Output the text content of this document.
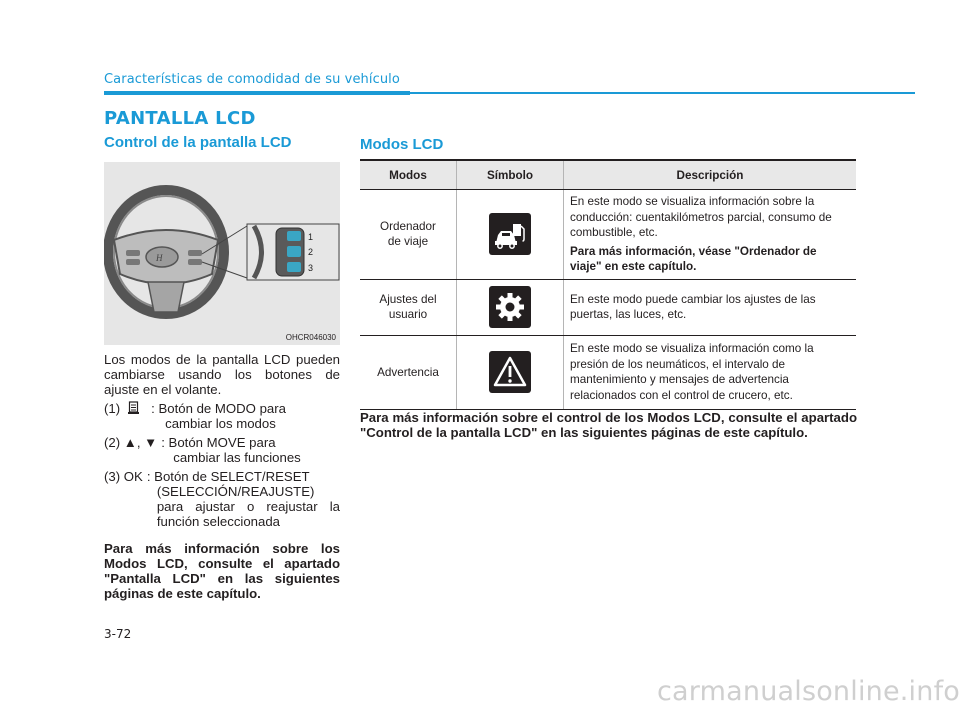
Características de comodidad de su vehículo
PANTALLA LCD
Control de la pantalla LCD
H
1
2
3
OHCR046030

Los modos de la pantalla LCD pueden cambiarse usando los botones de ajuste en el volante.

(1) : Botón de MODO para
cambiar los modos
(2) ▲, ▼ : Botón MOVE para
cambiar las funciones
(3) OK : Botón de SELECT/RESET
(SELECCIÓN/REAJUSTE) para ajustar o reajustar la función seleccionada

Para más información sobre los Modos LCD, consulte el apartado "Pantalla LCD" en las siguientes páginas de este capítulo.

Modos LCD
Modos	Símbolo	Descripción
Ordenador de viaje		En este modo se visualiza información sobre la conducción: cuentakilómetros parcial, consumo de combustible, etc.
Para más información, véase "Ordenador de viaje" en este capítulo.

Ajustes del usuario		En este modo puede cambiar los ajustes de las puertas, las luces, etc.

Advertencia		En este modo se visualiza información como la presión de los neumáticos, el intervalo de mantenimiento y mensajes de advertencia relacionados con el control de crucero, etc.
Para más información sobre el control de los Modos LCD, consulte el apartado "Control de la pantalla LCD" en las siguientes páginas de este capítulo.
3-72
carmanualsonline.info
